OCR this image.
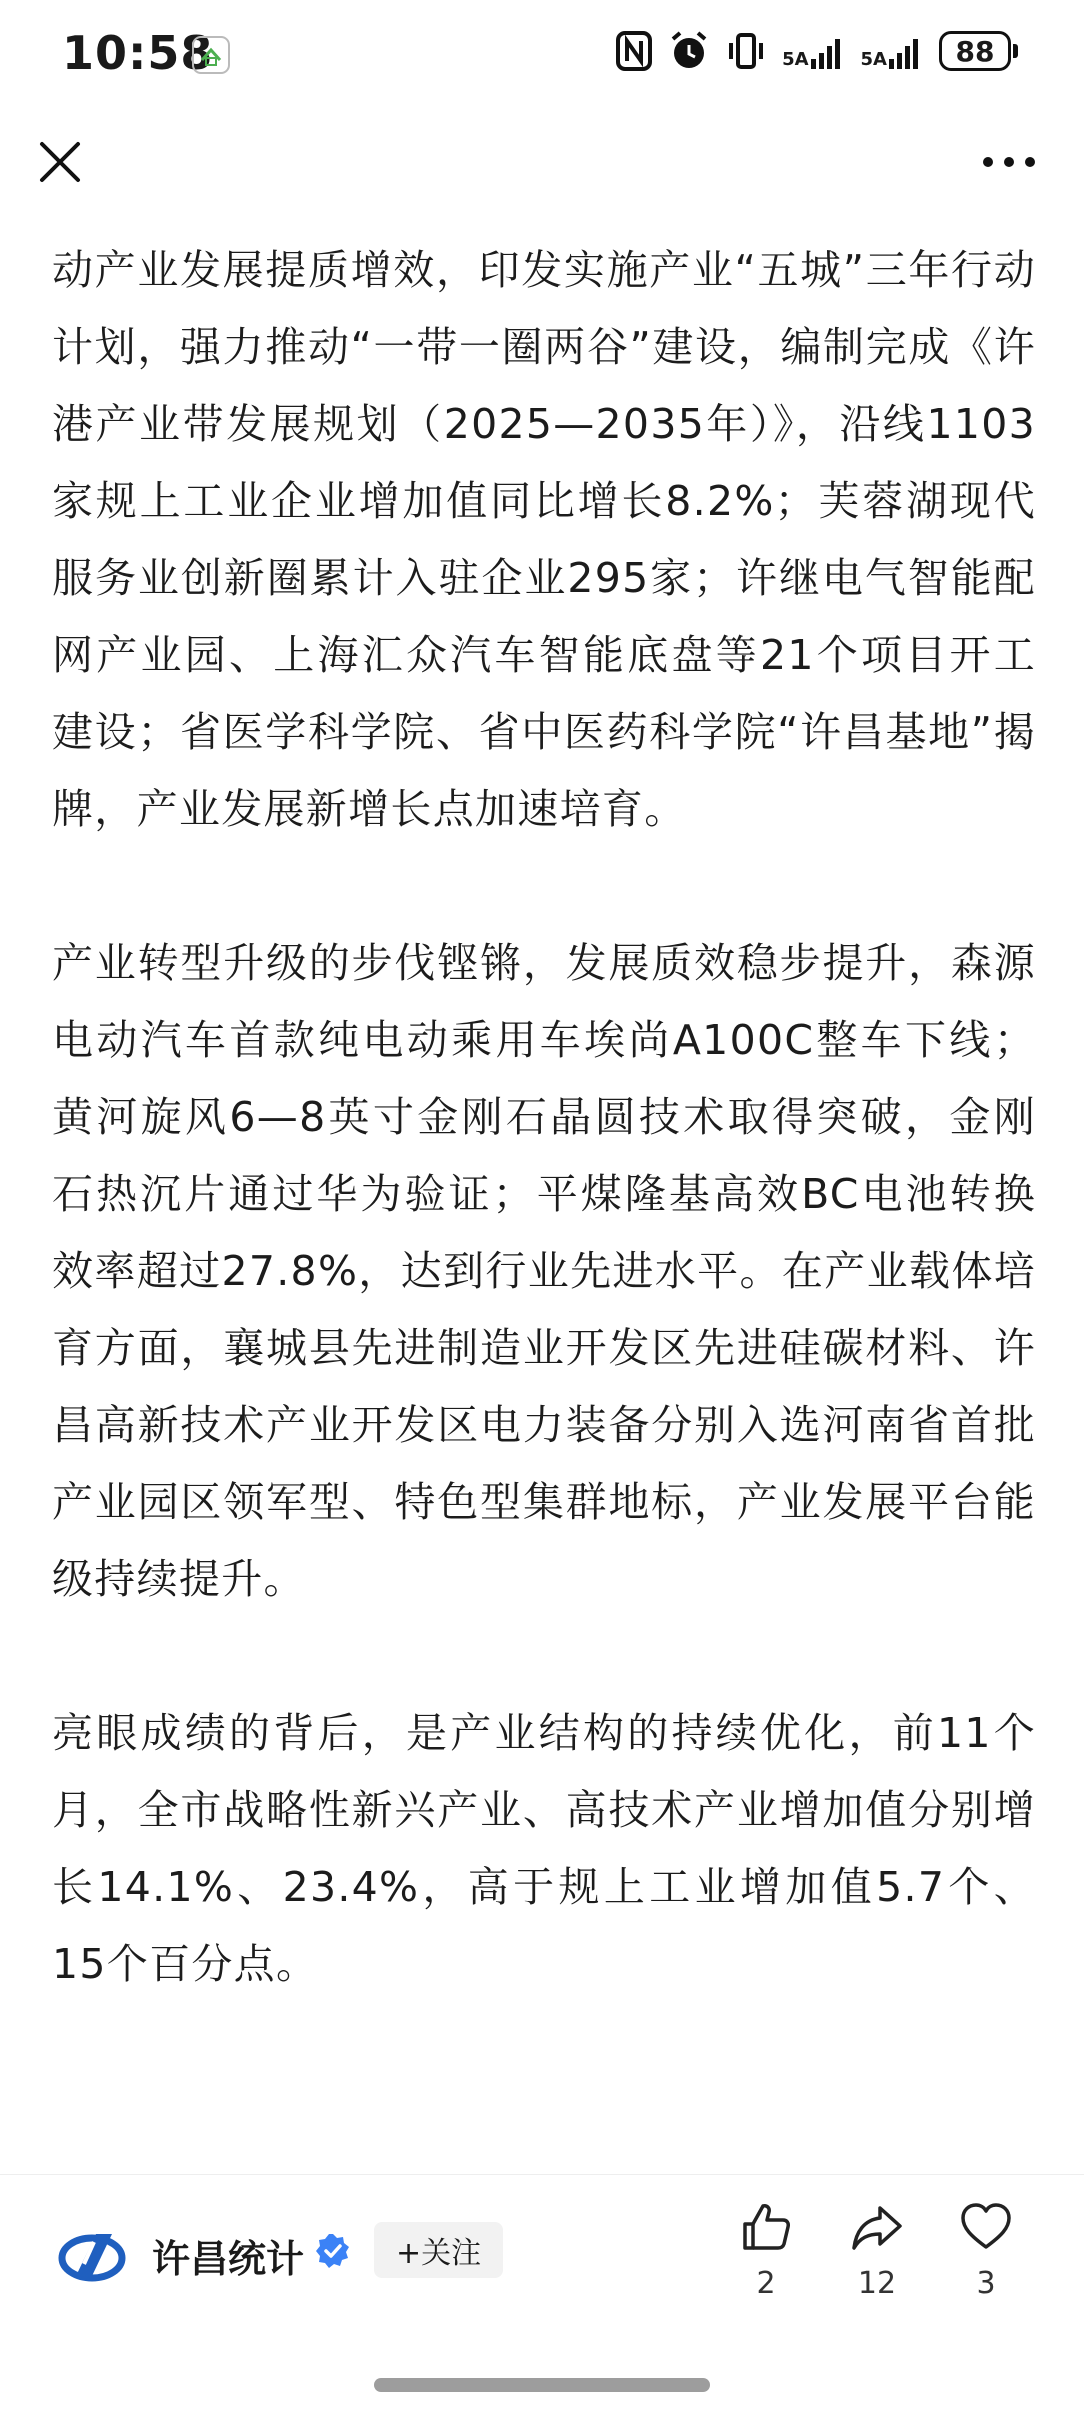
10:58	5A	5A 88

动产业发展提质增效，印发实施产业“五城”三年行动计划，强力推动“一带一圈两谷”建设，编制完成《许港产业带发展规划（2025—2035年）》，沿线1103家规上工业企业增加值同比增长8.2%；芙蓉湖现代服务业创新圈累计入驻企业295家；许继电气智能配网产业园、上海汇众汽车智能底盘等21个项目开工建设；省医学科学院、省中医药科学院“许昌基地”揭牌，产业发展新增长点加速培育。

产业转型升级的步伐铿锵，发展质效稳步提升，森源电动汽车首款纯电动乘用车埃尚A100C整车下线；黄河旋风6—8英寸金刚石晶圆技术取得突破，金刚石热沉片通过华为验证；平煤隆基高效BC电池转换效率超过27.8%，达到行业先进水平。在产业载体培育方面，襄城县先进制造业开发区先进硅碳材料、许昌高新技术产业开发区电力装备分别入选河南省首批产业园区领军型、特色型集群地标，产业发展平台能级持续提升。

亮眼成绩的背后，是产业结构的持续优化，前11个月，全市战略性新兴产业、高技术产业增加值分别增长14.1%、23.4%，高于规上工业增加值5.7个、15个百分点。

许昌统计	+关注
2	12	3
